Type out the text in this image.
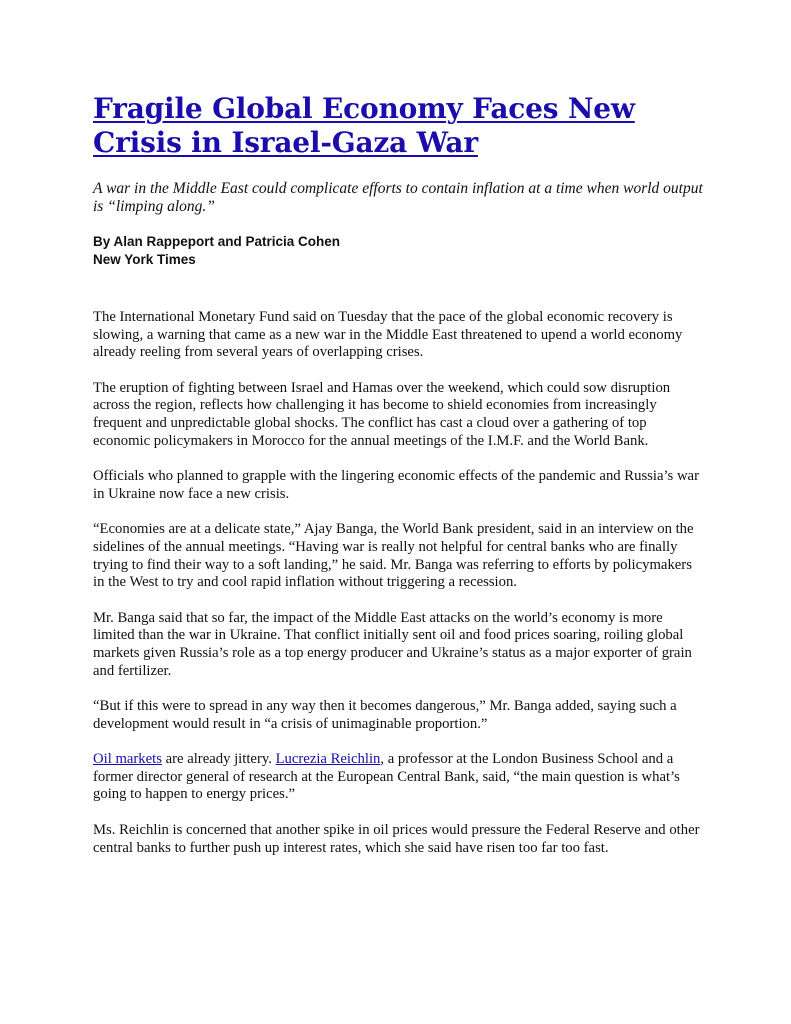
Fragile Global Economy Faces New Crisis in Israel-Gaza War

A war in the Middle East could complicate efforts to contain inflation at a time when world output is “limping along.”

By Alan Rappeport and Patricia Cohen
New York Times

The International Monetary Fund said on Tuesday that the pace of the global economic recovery is slowing, a warning that came as a new war in the Middle East threatened to upend a world economy already reeling from several years of overlapping crises.

The eruption of fighting between Israel and Hamas over the weekend, which could sow disruption across the region, reflects how challenging it has become to shield economies from increasingly frequent and unpredictable global shocks. The conflict has cast a cloud over a gathering of top economic policymakers in Morocco for the annual meetings of the I.M.F. and the World Bank.

Officials who planned to grapple with the lingering economic effects of the pandemic and Russia’s war in Ukraine now face a new crisis.

“Economies are at a delicate state,” Ajay Banga, the World Bank president, said in an interview on the sidelines of the annual meetings. “Having war is really not helpful for central banks who are finally trying to find their way to a soft landing,” he said. Mr. Banga was referring to efforts by policymakers in the West to try and cool rapid inflation without triggering a recession.

Mr. Banga said that so far, the impact of the Middle East attacks on the world’s economy is more limited than the war in Ukraine. That conflict initially sent oil and food prices soaring, roiling global markets given Russia’s role as a top energy producer and Ukraine’s status as a major exporter of grain and fertilizer.

“But if this were to spread in any way then it becomes dangerous,” Mr. Banga added, saying such a development would result in “a crisis of unimaginable proportion.”

Oil markets are already jittery. Lucrezia Reichlin, a professor at the London Business School and a former director general of research at the European Central Bank, said, “the main question is what’s going to happen to energy prices.”

Ms. Reichlin is concerned that another spike in oil prices would pressure the Federal Reserve and other central banks to further push up interest rates, which she said have risen too far too fast.
